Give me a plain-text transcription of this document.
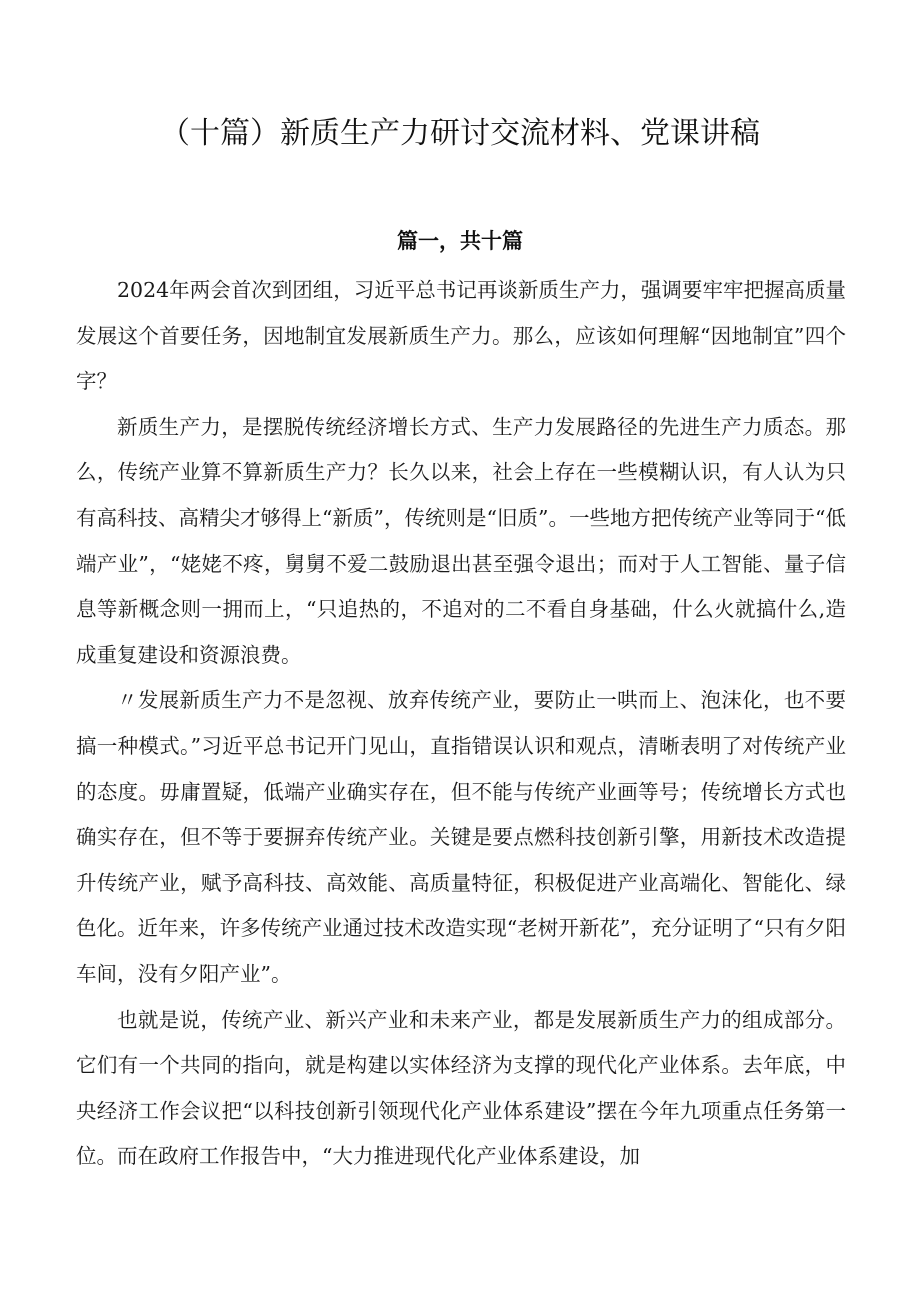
（十篇）新质生产力研讨交流材料、党课讲稿
篇一，共十篇

2024年两会首次到团组，习近平总书记再谈新质生产力，强调要牢牢把握高质量发展这个首要任务，因地制宜发展新质生产力。那么，应该如何理解“因地制宜”四个字？

新质生产力，是摆脱传统经济增长方式、生产力发展路径的先进生产力质态。那么，传统产业算不算新质生产力？长久以来，社会上存在一些模糊认识，有人认为只有高科技、高精尖才够得上“新质”，传统则是“旧质”。一些地方把传统产业等同于“低端产业”，“姥姥不疼，舅舅不爱二鼓励退出甚至强令退出；而对于人工智能、量子信息等新概念则一拥而上，“只追热的，不追对的二不看自身基础，什么火就搞什么,造成重复建设和资源浪费。

〃发展新质生产力不是忽视、放弃传统产业，要防止一哄而上、泡沫化，也不要搞一种模式。”习近平总书记开门见山，直指错误认识和观点，清晰表明了对传统产业的态度。毋庸置疑，低端产业确实存在，但不能与传统产业画等号；传统增长方式也确实存在，但不等于要摒弃传统产业。关键是要点燃科技创新引擎，用新技术改造提升传统产业，赋予高科技、高效能、高质量特征，积极促进产业高端化、智能化、绿色化。近年来，许多传统产业通过技术改造实现“老树开新花”，充分证明了“只有夕阳车间，没有夕阳产业”。

也就是说，传统产业、新兴产业和未来产业，都是发展新质生产力的组成部分。它们有一个共同的指向，就是构建以实体经济为支撑的现代化产业体系。去年底，中央经济工作会议把“以科技创新引领现代化产业体系建设”摆在今年九项重点任务第一位。而在政府工作报告中，“大力推进现代化产业体系建设，加
